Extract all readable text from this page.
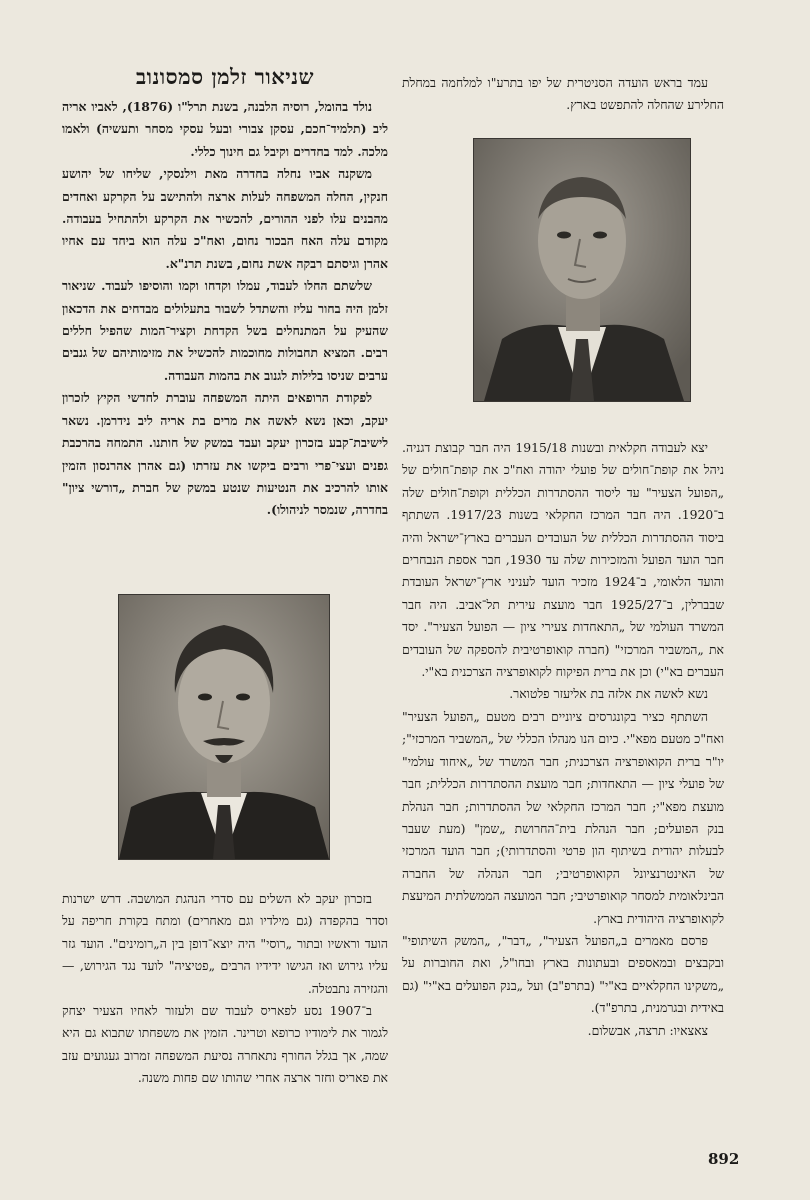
עמד בראש הועדה הסניטרית של יפו בתרע"ו למלחמה במחלת החלירע שהחלה להתפשט בארץ.

יצא לעבודה חקלאית ובשנות 1915/18 היה חבר קבוצת דגניה. ניהל את קופת־חולים של פועלי יהודה ואח"כ את קופת־חולים של „הפועל הצעיר" עד ליסוד ההסתדרות הכללית וקופת־חולים שלה ב־1920. היה חבר המרכז החקלאי בשנות 1917/23. השתתף ביסוד ההסתדרות הכללית של העובדים העברים בארץ־ישראל והיה חבר הועד הפועל והמזכירות שלה עד 1930, חבר אספת הנבחרים והועד הלאומי, ב־1924 מזכיר הועד לעניני ארץ־ישראל העובדת שבברלין, ב־1925/27 חבר מועצת עירית תל־אביב. היה חבר המשרד העולמי של „התאחדות צעירי ציון — הפועל הצעיר". יסד את „המשביר המרכזי" (חברה קואופרטיבית להספקה של העובדים העברים בא"י) וכן את ברית הפיקוח לקואופרציה הצרכנית בא"י.

נשא לאשה את אלזה בת אליעזר פלטואר.

השתתף כציר בקונגרסים ציוניים רבים מטעם „הפועל הצעיר" ואח"כ מטעם מפא"י. כיום הנו מנהלו הכללי של „המשביר המרכזי"; יו"ר ברית הקואופרציה הצרכנית; חבר המשרד של „איחוד עולמי" של פועלי ציון — התאחדות; חבר מועצת ההסתדרות הכללית; חבר מועצת מפא"י; חבר המרכז החקלאי של ההסתדרות; חבר הנהלת בנק הפועלים; חבר הנהלת בית־החרושת „שמן" (מעת שעבר לבעלות יהודית בשיתוף הון פרטי והסתדרותי); חבר הועד המרכזי של האינטרנציונל הקואופרטיבי; חבר הנהלה של החברה הבינלאומית למסחר קואופרטיבי; חבר המועצה הממשלתית המיעצת לקואופרציה היהודית בארץ.

פרסם מאמרים ב„הפועל הצעיר", „דבר", „המשק השיתופי" ובקבצים ובמאספים ובעתונות בארץ ובחו"ל, ואת החוברות על „משקינו החקלאיים בא"י" (בתרפ"ב) ועל „בנק הפועלים בא"י" (גם באידית ובגרמנית, בתרפ"ד).

צאצאיו: תרצה, אבשלום.

שניאור זלמן סמסונוב

נולד בהומל, רוסיה הלבנה, בשנת תרל"ו (1876), לאביו אריה ליב (תלמיד־חכם, עסקן צבורי ובעל עסקי מסחר ותעשיה) ולאמו מלכה. למד בחדרים וקיבל גם חינוך כללי.

משקנה אביו נחלה בחדרה מאת וילנסקי, שליחו של יהושע חנקין, החלה המשפחה לעלות ארצה ולהתישב על הקרקע ואחדים מהבנים עלו לפני ההורים, להכשיר את הקרקע ולהתחיל בעבודה. מקודם עלה האח הבכור נחום, ואח"כ עלה הוא ביחד עם אחיו אהרן וגיסתם רבקה אשת נחום, בשנת תרנ"א.

שלשתם החלו לעבוד, עמלו וקדחו וקמו והוסיפו לעבוד. שניאור זלמן היה בחור עליז והשתדל לשבור בתעלולים מבדחים את הדכאון שהעיק על המתנחלים בשל הקדחת וקציר־המות שהפיל חללים רבים. המציא תחבולות מחוכמות להכשיל את מזימותיהם של גנבים ערבים שניסו בלילות לגנוב את בהמות העבודה.

לפקודת הרופאים היתה המשפחה עוברת לחדשי הקיץ לזכרון יעקב, וכאן נשא לאשה את מרים בת אריה ליב נידרמן. נשאר לישיבת־קבע בזכרון יעקב ועבד במשק של חותנו. התמחה בהרכבת גפנים ועצי־פרי ורבים ביקשו את עזרתו (גם אהרן אהרנסון הזמין אותו להרכיב את הנטיעות שנטע במשק של חברת „דורשי ציון" בחדרה, שנמסר לניהולו).

בזכרון יעקב לא השלים עם סדרי הנהגת המושבה. דרש ישרנות וסדר בהקפדה (גם מילדיו וגם מאחרים) ומתח בקורת חריפה על הועד וראשיו ובתור „רוסי" היה יוצא־דופן בין ה„רומינים". הועד גזר עליו גירוש ואז הגישו ידידיו הרבים „פטיציה" לועד נגד הגירוש, — והגזירה נתבטלה.

ב־1907 נסע לפאריס לעבוד שם ולעזור לאחיו הצעיר יצחק לגמור את לימודיו כרופא וטרינר. הזמין את משפחתו שתבוא גם היא שמה, אך בגלל החורף נתאחרה נסיעת המשפחה זמרוב געגועים עזב את פאריס וחזר ארצה אחרי שהותו שם פחות משנה.

892
